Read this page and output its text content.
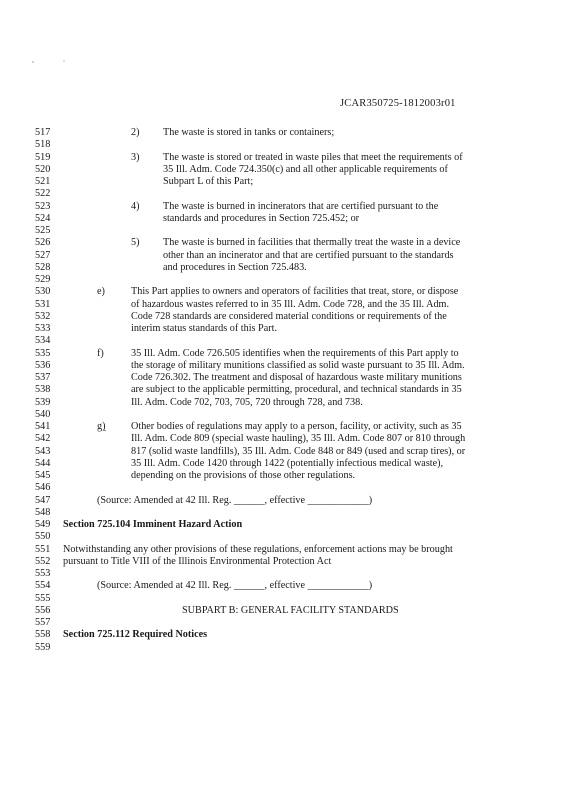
JCAR350725-1812003r01
517	2) The waste is stored in tanks or containers;
518
519	3) The waste is stored or treated in waste piles that meet the requirements of
520	35 Ill. Adm. Code 724.350(c) and all other applicable requirements of
521	Subpart L of this Part;
522
523	4) The waste is burned in incinerators that are certified pursuant to the
524	standards and procedures in Section 725.452; or
525
526	5) The waste is burned in facilities that thermally treat the waste in a device
527	other than an incinerator and that are certified pursuant to the standards
528	and procedures in Section 725.483.
529
530	e)	This Part applies to owners and operators of facilities that treat, store, or dispose
531	of hazardous wastes referred to in 35 Ill. Adm. Code 728, and the 35 Ill. Adm.
532	Code 728 standards are considered material conditions or requirements of the
533	interim status standards of this Part.
534
535	f)	35 Ill. Adm. Code 726.505 identifies when the requirements of this Part apply to
536	the storage of military munitions classified as solid waste pursuant to 35 Ill. Adm.
537	Code 726.302. The treatment and disposal of hazardous waste military munitions
538	are subject to the applicable permitting, procedural, and technical standards in 35
539	Ill. Adm. Code 702, 703, 705, 720 through 728, and 738.
540
541	g)	Other bodies of regulations may apply to a person, facility, or activity, such as 35
542	Ill. Adm. Code 809 (special waste hauling), 35 Ill. Adm. Code 807 or 810 through
543	817 (solid waste landfills), 35 Ill. Adm. Code 848 or 849 (used and scrap tires), or
544	35 Ill. Adm. Code 1420 through 1422 (potentially infectious medical waste),
545	depending on the provisions of those other regulations.
546
547	(Source: Amended at 42 Ill. Reg. ______, effective ____________)
548
549	Section 725.104 Imminent Hazard Action
550
551	Notwithstanding any other provisions of these regulations, enforcement actions may be brought
552	pursuant to Title VIII of the Illinois Environmental Protection Act
553
554	(Source: Amended at 42 Ill. Reg. ______, effective ____________)
555
556	SUBPART B: GENERAL FACILITY STANDARDS
557
558	Section 725.112 Required Notices
559
